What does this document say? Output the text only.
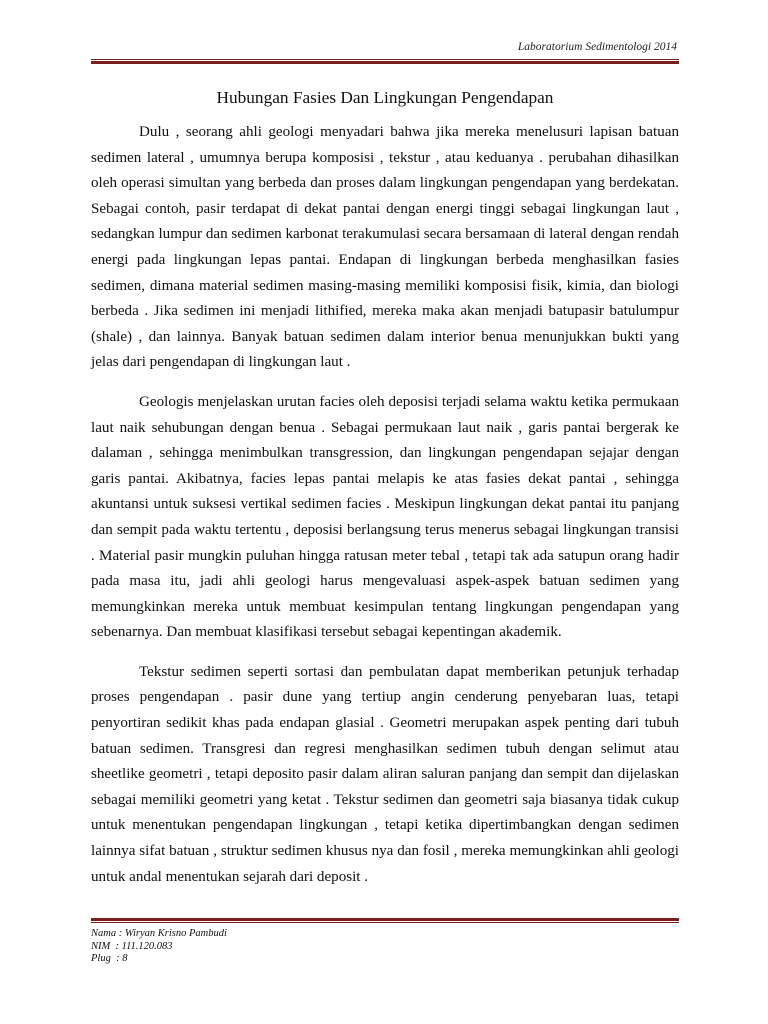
Laboratorium Sedimentologi 2014
Hubungan Fasies Dan Lingkungan Pengendapan

Dulu , seorang ahli geologi menyadari bahwa jika mereka menelusuri lapisan batuan sedimen lateral , umumnya berupa komposisi , tekstur , atau keduanya . perubahan dihasilkan oleh operasi simultan yang berbeda dan proses dalam lingkungan pengendapan yang berdekatan. Sebagai contoh, pasir terdapat di dekat pantai dengan energi tinggi sebagai lingkungan laut , sedangkan lumpur dan sedimen karbonat terakumulasi secara bersamaan di lateral dengan rendah energi pada lingkungan lepas pantai. Endapan di lingkungan berbeda menghasilkan fasies sedimen, dimana material sedimen masing-masing memiliki komposisi fisik, kimia, dan biologi berbeda . Jika sedimen ini menjadi lithified, mereka maka akan menjadi batupasir batulumpur (shale) , dan lainnya. Banyak batuan sedimen dalam interior benua menunjukkan bukti yang jelas dari pengendapan di lingkungan laut .

Geologis menjelaskan urutan facies oleh deposisi terjadi selama waktu ketika permukaan laut naik sehubungan dengan benua . Sebagai permukaan laut naik , garis pantai bergerak ke dalaman , sehingga menimbulkan transgression, dan lingkungan pengendapan sejajar dengan garis pantai. Akibatnya, facies lepas pantai melapis ke atas fasies dekat pantai , sehingga akuntansi untuk suksesi vertikal sedimen facies . Meskipun lingkungan dekat pantai itu panjang dan sempit pada waktu tertentu , deposisi berlangsung terus menerus sebagai lingkungan transisi . Material pasir mungkin puluhan hingga ratusan meter tebal , tetapi tak ada satupun orang hadir pada masa itu, jadi ahli geologi harus mengevaluasi aspek-aspek batuan sedimen yang memungkinkan mereka untuk membuat kesimpulan tentang lingkungan pengendapan yang sebenarnya. Dan membuat klasifikasi tersebut sebagai kepentingan akademik.

Tekstur sedimen seperti sortasi dan pembulatan dapat memberikan petunjuk terhadap proses pengendapan . pasir dune yang tertiup angin cenderung penyebaran luas, tetapi penyortiran sedikit khas pada endapan glasial . Geometri merupakan aspek penting dari tubuh batuan sedimen. Transgresi dan regresi menghasilkan sedimen tubuh dengan selimut atau sheetlike geometri , tetapi deposito pasir dalam aliran saluran panjang dan sempit dan dijelaskan sebagai memiliki geometri yang ketat . Tekstur sedimen dan geometri saja biasanya tidak cukup untuk menentukan pengendapan lingkungan , tetapi ketika dipertimbangkan dengan sedimen lainnya sifat batuan , struktur sedimen khusus nya dan fosil , mereka memungkinkan ahli geologi untuk andal menentukan sejarah dari deposit .

Nama : Wiryan Krisno Pambudi
NIM  : 111.120.083
Plug  : 8
